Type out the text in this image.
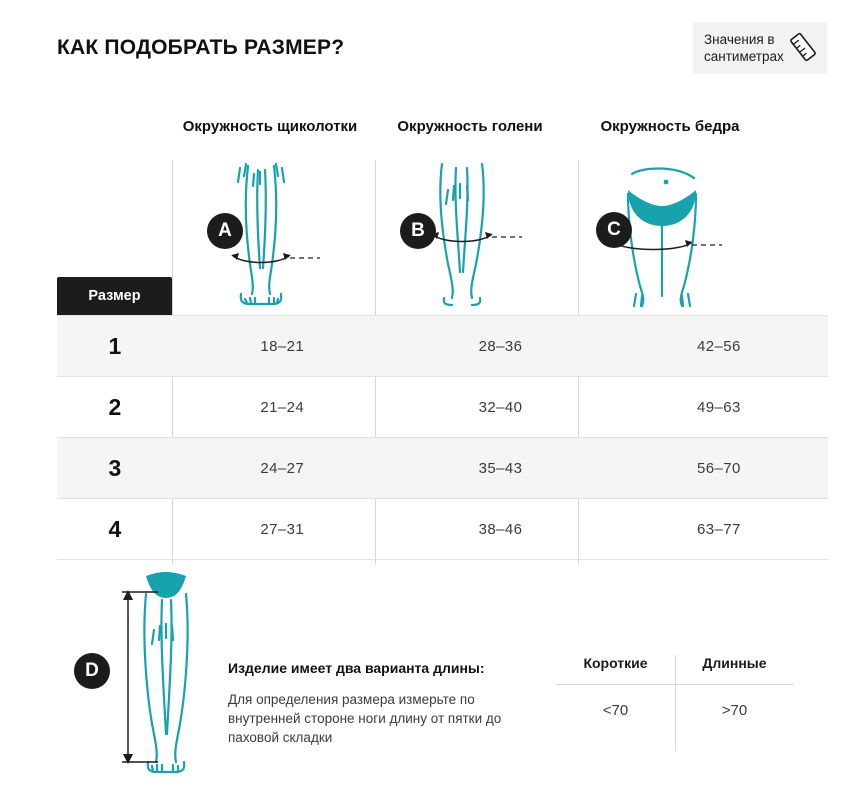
КАК ПОДОБРАТЬ РАЗМЕР?	Значения в сантиметрах
Окружность щиколотки	Окружность голени	Окружность бедра
A	B	C
Размер
1	18–21	28–36	42–56
2	21–24	32–40	49–63
3	24–27	35–43	56–70
4	27–31	38–46	63–77
D	Изделие имеет два варианта длины:
Для определения размера измерьте по внутренней стороне ноги длину от пятки до паховой складки
Короткие	Длинные
<70	>70
